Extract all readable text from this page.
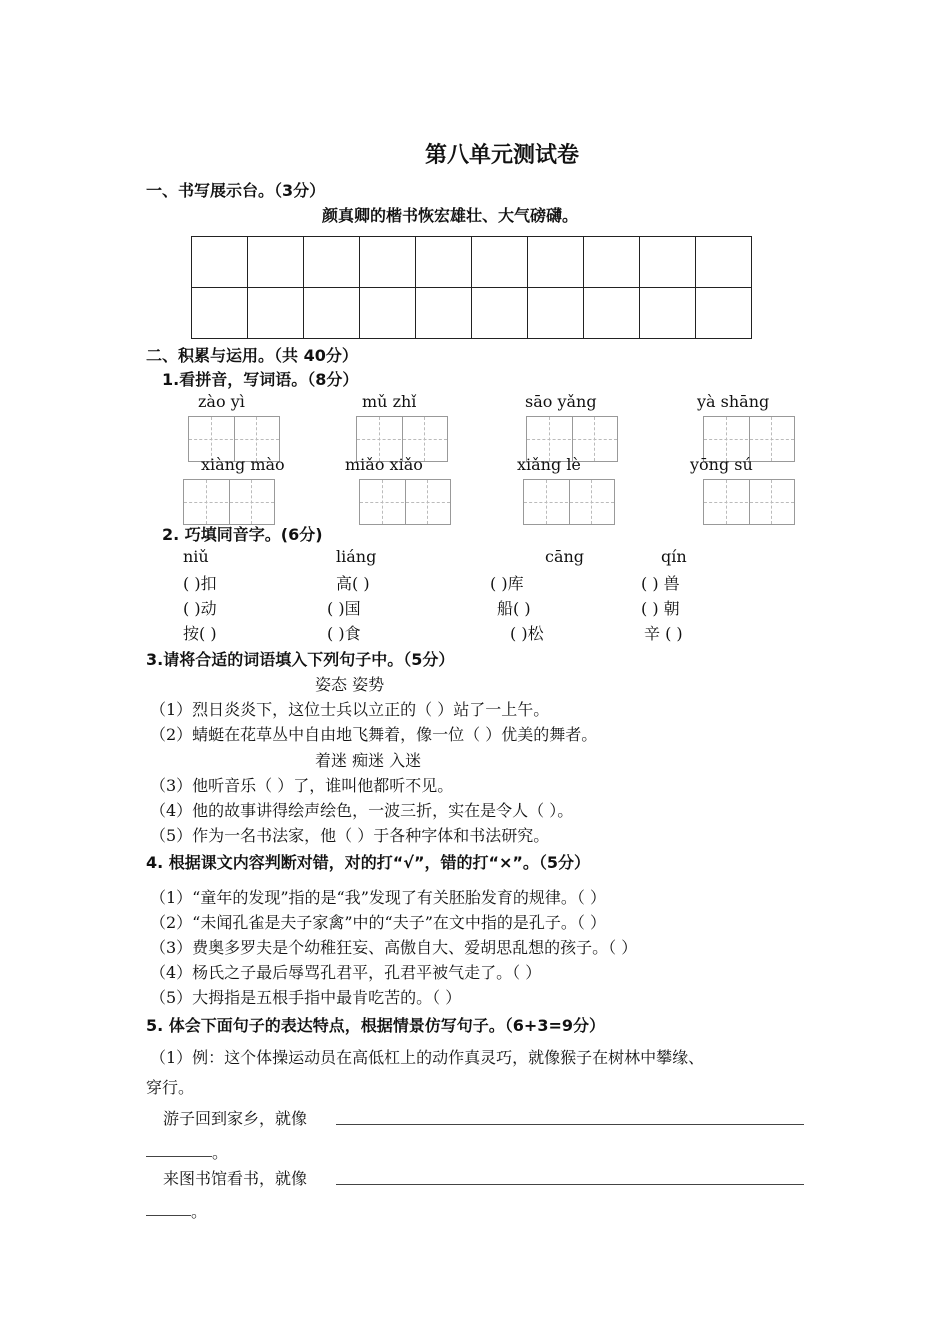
第八单元测试卷
一、书写展示台。（3分）
颜真卿的楷书恢宏雄壮、大气磅礴。

二、积累与运用。（共 40分）
1.看拼音，写词语。（8分）
zào yì	mǔ zhǐ	sāo yǎng	yà shāng
xiàng mào	miǎo xiǎo	xiǎng lè	yōng sú
2. 巧填同音字。(6分)
niǔ	liáng	cāng	qín
( )扣	高( )	( )库	( ) 兽
( )动	( )国	船( )	( ) 朝
按( )	( )食	( )松	辛 ( )
3.请将合适的词语填入下列句子中。（5分）
姿态 姿势
（1）烈日炎炎下，这位士兵以立正的（ ）站了一上午。
（2）蜻蜓在花草丛中自由地飞舞着，像一位（ ）优美的舞者。
着迷 痴迷 入迷
（3）他听音乐（ ）了，谁叫他都听不见。
（4）他的故事讲得绘声绘色，一波三折，实在是令人（ ）。
（5）作为一名书法家，他（ ）于各种字体和书法研究。
4. 根据课文内容判断对错，对的打“√”，错的打“×”。（5分）
（1）“童年的发现”指的是“我”发现了有关胚胎发育的规律。（ ）
（2）“未闻孔雀是夫子家禽”中的“夫子”在文中指的是孔子。（ ）
（3）费奥多罗夫是个幼稚狂妄、高傲自大、爱胡思乱想的孩子。（ ）
（4）杨氏之子最后辱骂孔君平，孔君平被气走了。（ ）
（5）大拇指是五根手指中最肯吃苦的。（ ）
5. 体会下面句子的表达特点，根据情景仿写句子。（6+3=9分）
（1）例：这个体操运动员在高低杠上的动作真灵巧，就像猴子在树林中攀缘、
穿行。
游子回到家乡，就像
。
来图书馆看书，就像
。
